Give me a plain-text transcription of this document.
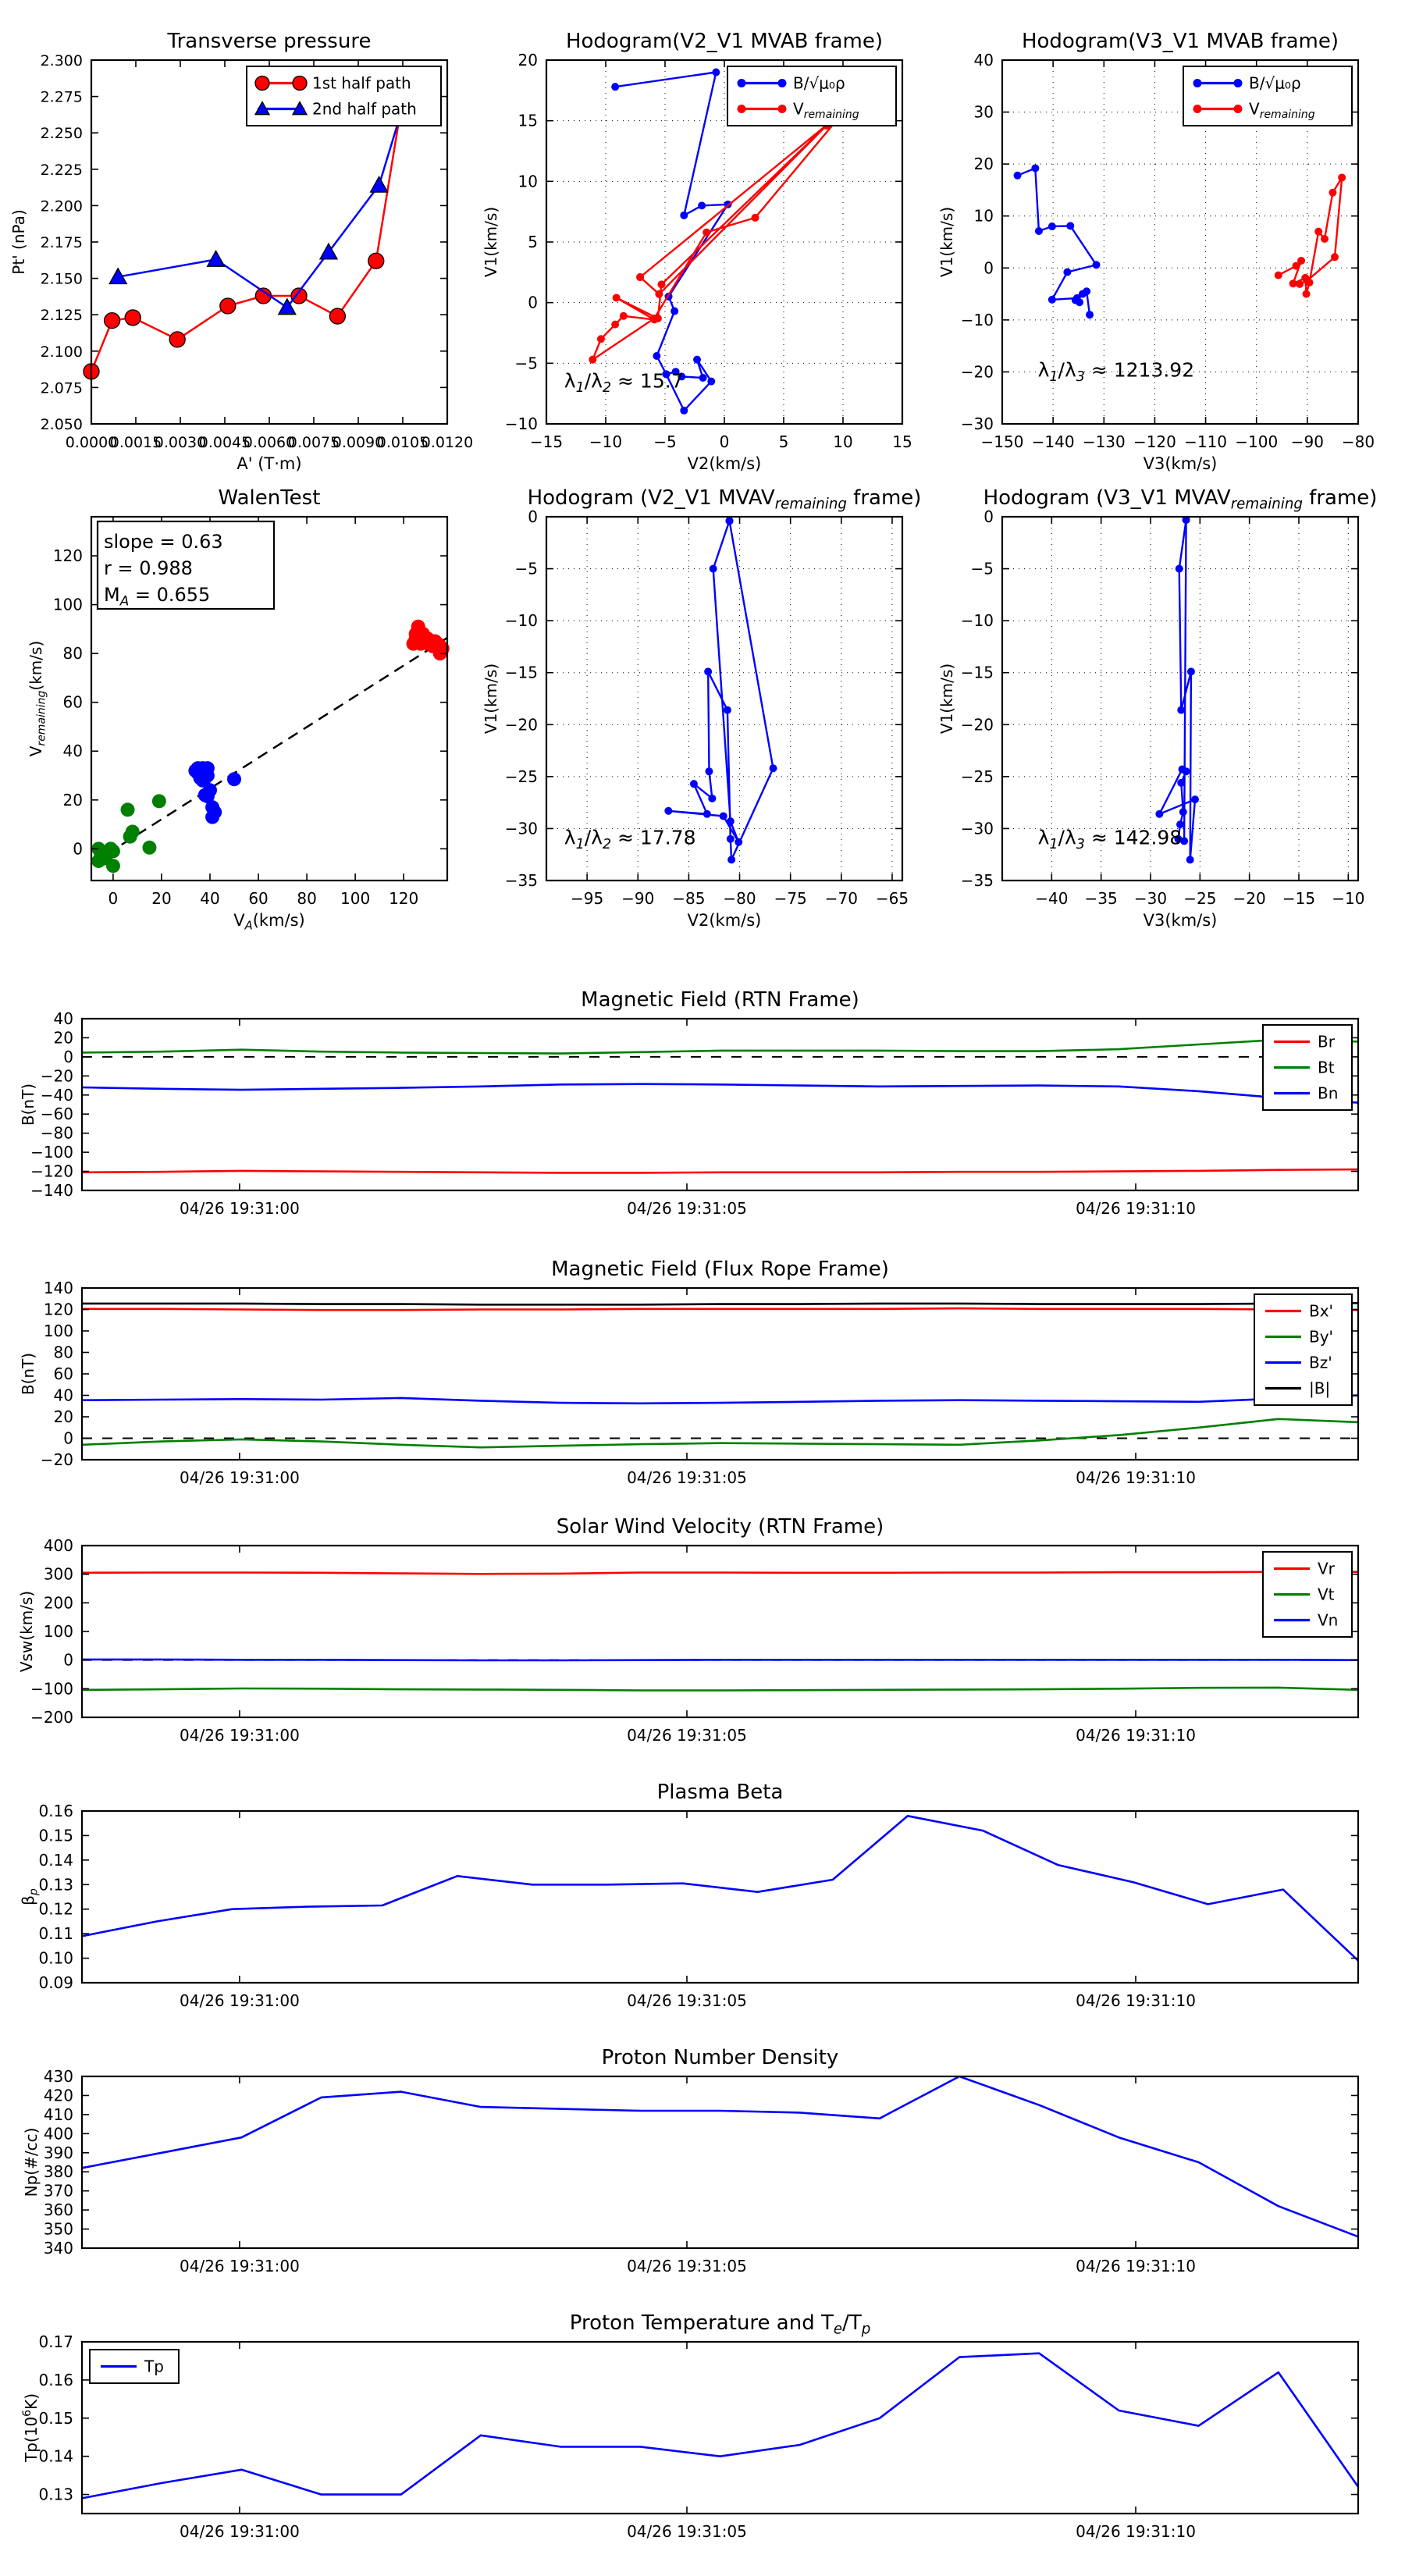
0.0000
0.0015
0.0030
0.0045
0.0060
0.0075
0.0090
0.0105
0.0120
2.050
2.075
2.100
2.125
2.150
2.175
2.200
2.225
2.250
2.275
2.300
Transverse pressure
A' (T·m)
Pt' (nPa)
1st half path
2nd half path
−15 −10 −5	0	5	10	15
−10
−5
0
5
10
15
20
Hodogram(V2_V1 MVAB frame)
V2(km/s)
V1(km/s)
$\lambda_1/\lambda_2 \approx 15.7$
B/√μ₀ρ
$V_{remaining}$
−150 −140 −130 −120 −110 −100 −90 −80
−30
−20
−10
0
10
20
30
40
Hodogram(V3_V1 MVAB frame)
V3(km/s)
V1(km/s)
$\lambda_1/\lambda_3 \approx 1213.92$
B/√μ₀ρ
$V_{remaining}$
0 20 40 60 80 100 120
0
20
40
60
80
100
120
WalenTest
$V_A(km/s)$
$V_{remaining}(km/s)$
slope = 0.63
r = 0.988
$M_A = 0.655$
−95 −90 −85 −80 −75 −70 −65
−35
−30
−25
−20
−15
−10
−5
0
Hodogram (V2_V1 $MVAV_{remaining}$ frame)
V2(km/s)
V1(km/s)
$\lambda_1/\lambda_2 \approx 17.78$
−40 −35 −30 −25 −20 −15 −10
−35
−30
−25
−20
−15
−10
−5
0
Hodogram (V3_V1 $MVAV_{remaining}$ frame)
V3(km/s)
V1(km/s)
$\lambda_1/\lambda_3 \approx 142.98$
04/26 19:31:00	04/26 19:31:05	04/26 19:31:10
40
20
0
−20
−40
−60
−80
−100
−120
−140
Magnetic Field (RTN Frame)
B(nT)
Br
Bt
Bn
04/26 19:31:00	04/26 19:31:05	04/26 19:31:10
140
120
100
80
60
40
20
0
−20
Magnetic Field (Flux Rope Frame)
B(nT)
Bx'
By'
Bz'
|B|
04/26 19:31:00	04/26 19:31:05	04/26 19:31:10
400
300
200
100
0
−100
−200
Solar Wind Velocity (RTN Frame)
Vsw(km/s)
Vr
Vt
Vn
04/26 19:31:00	04/26 19:31:05	04/26 19:31:10
0.16
0.15
0.14
0.13
0.12
0.11
0.10
0.09
Plasma Beta
$\beta_p$
04/26 19:31:00	04/26 19:31:05	04/26 19:31:10
430
420
410
400
390
380
370
360
350
340
Proton Number Density
Np(#/cc)
04/26 19:31:00	04/26 19:31:05	04/26 19:31:10
0.17
0.16
0.15
0.14
0.13
Proton Temperature and $T_e/T_p$
$Tp(10^6K)$
Tp
